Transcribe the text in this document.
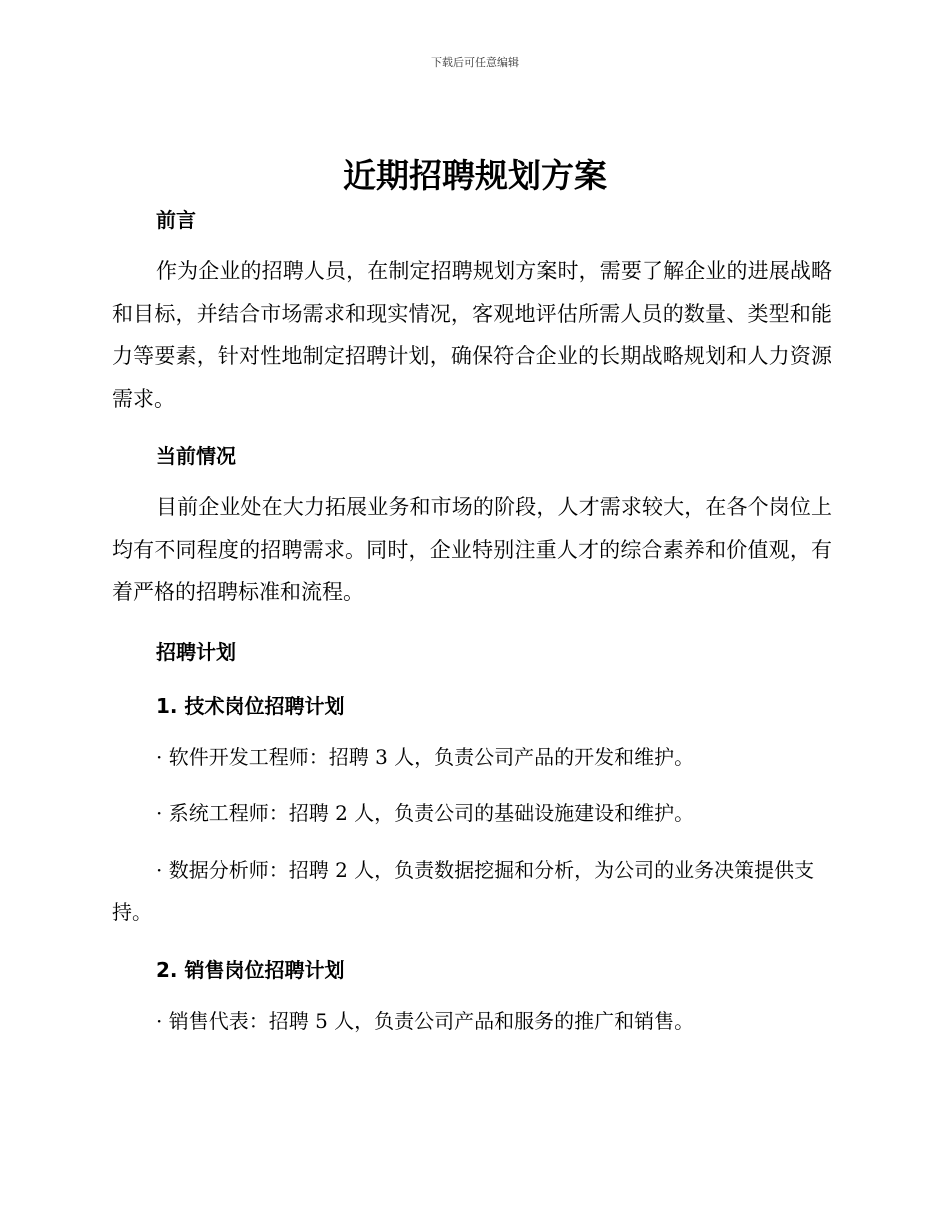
下载后可任意编辑
近期招聘规划方案

前言

作为企业的招聘人员，在制定招聘规划方案时，需要了解企业的进展战略和目标，并结合市场需求和现实情况，客观地评估所需人员的数量、类型和能力等要素，针对性地制定招聘计划，确保符合企业的长期战略规划和人力资源需求。

当前情况

目前企业处在大力拓展业务和市场的阶段，人才需求较大，在各个岗位上均有不同程度的招聘需求。同时，企业特别注重人才的综合素养和价值观，有着严格的招聘标准和流程。

招聘计划

1. 技术岗位招聘计划

· 软件开发工程师：招聘 3 人，负责公司产品的开发和维护。

· 系统工程师：招聘 2 人，负责公司的基础设施建设和维护。

· 数据分析师：招聘 2 人，负责数据挖掘和分析，为公司的业务决策提供支持。

2. 销售岗位招聘计划

· 销售代表：招聘 5 人，负责公司产品和服务的推广和销售。
